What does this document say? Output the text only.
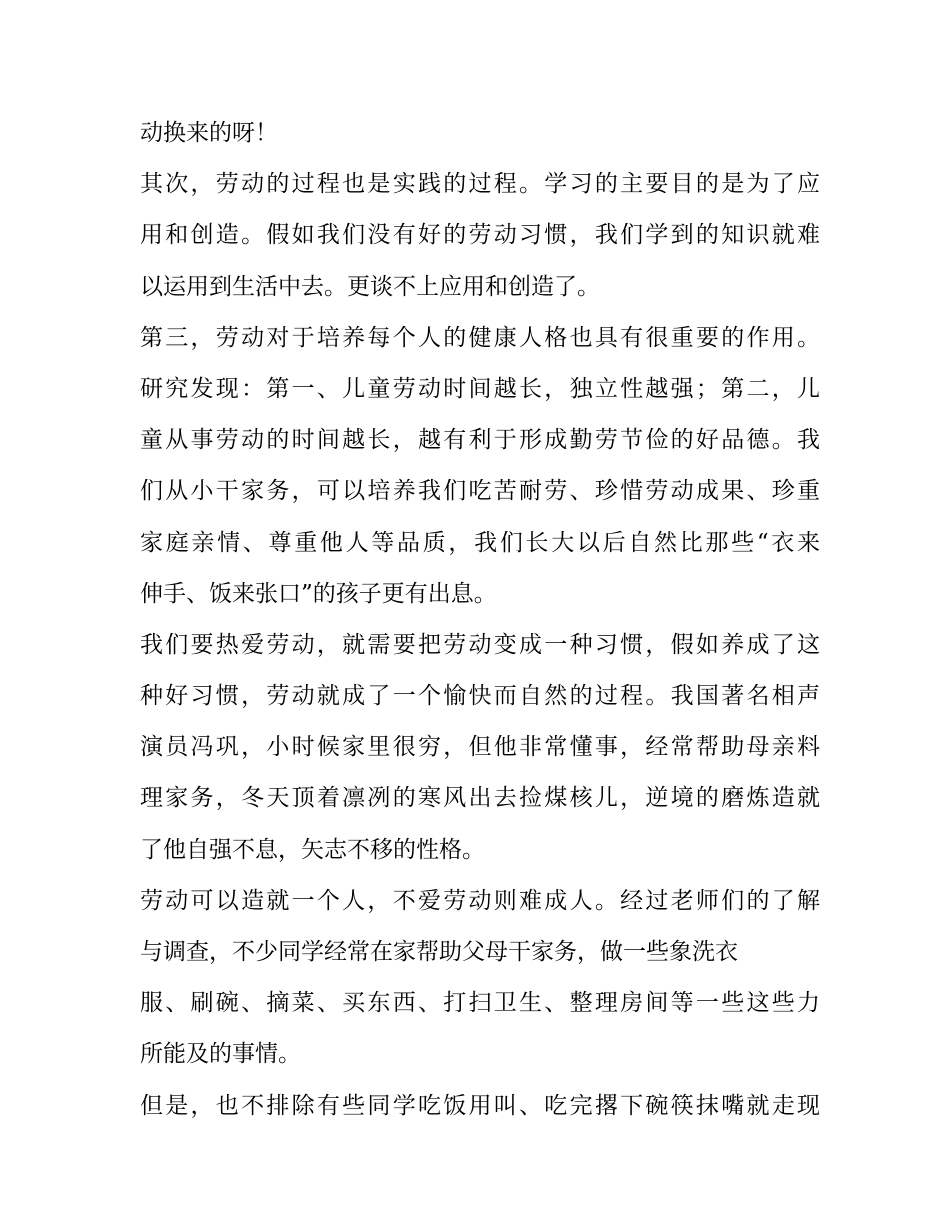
动换来的呀！
其次，劳动的过程也是实践的过程。学习的主要目的是为了应
用和创造。假如我们没有好的劳动习惯，我们学到的知识就难
以运用到生活中去。更谈不上应用和创造了。
第三，劳动对于培养每个人的健康人格也具有很重要的作用。
研究发现：第一、儿童劳动时间越长，独立性越强；第二，儿
童从事劳动的时间越长，越有利于形成勤劳节俭的好品德。我
们从小干家务，可以培养我们吃苦耐劳、珍惜劳动成果、珍重
家庭亲情、尊重他人等品质，我们长大以后自然比那些“衣来
伸手、饭来张口”的孩子更有出息。
我们要热爱劳动，就需要把劳动变成一种习惯，假如养成了这
种好习惯，劳动就成了一个愉快而自然的过程。我国著名相声
演员冯巩，小时候家里很穷，但他非常懂事，经常帮助母亲料
理家务，冬天顶着凛冽的寒风出去捡煤核儿，逆境的磨炼造就
了他自强不息，矢志不移的性格。
劳动可以造就一个人，不爱劳动则难成人。经过老师们的了解
与调查，不少同学经常在家帮助父母干家务，做一些象洗衣
服、刷碗、摘菜、买东西、打扫卫生、整理房间等一些这些力
所能及的事情。
但是，也不排除有些同学吃饭用叫、吃完撂下碗筷抹嘴就走现
